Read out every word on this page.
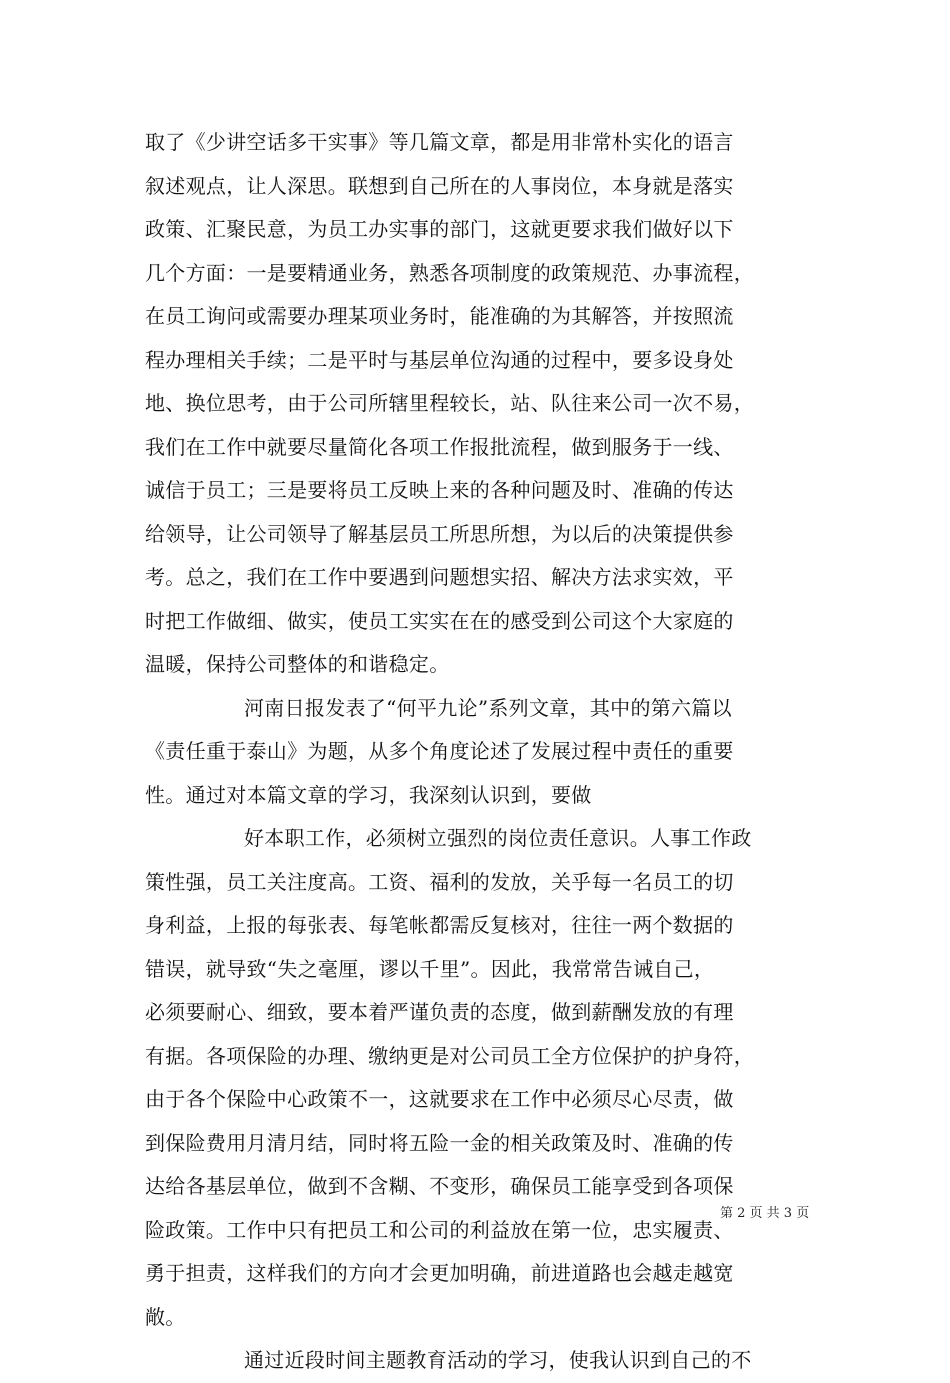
取了《少讲空话多干实事》等几篇文章，都是用非常朴实化的语言
叙述观点，让人深思。联想到自己所在的人事岗位，本身就是落实
政策、汇聚民意，为员工办实事的部门，这就更要求我们做好以下
几个方面：一是要精通业务，熟悉各项制度的政策规范、办事流程，
在员工询问或需要办理某项业务时，能准确的为其解答，并按照流
程办理相关手续；二是平时与基层单位沟通的过程中，要多设身处
地、换位思考，由于公司所辖里程较长，站、队往来公司一次不易，
我们在工作中就要尽量简化各项工作报批流程，做到服务于一线、
诚信于员工；三是要将员工反映上来的各种问题及时、准确的传达
给领导，让公司领导了解基层员工所思所想，为以后的决策提供参
考。总之，我们在工作中要遇到问题想实招、解决方法求实效，平
时把工作做细、做实，使员工实实在在的感受到公司这个大家庭的
温暖，保持公司整体的和谐稳定。
河南日报发表了“何平九论”系列文章，其中的第六篇以
《责任重于泰山》为题，从多个角度论述了发展过程中责任的重要
性。通过对本篇文章的学习，我深刻认识到，要做
好本职工作，必须树立强烈的岗位责任意识。人事工作政
策性强，员工关注度高。工资、福利的发放，关乎每一名员工的切
身利益，上报的每张表、每笔帐都需反复核对，往往一两个数据的
错误，就导致“失之毫厘，谬以千里”。因此，我常常告诫自己，
必须要耐心、细致，要本着严谨负责的态度，做到薪酬发放的有理
有据。各项保险的办理、缴纳更是对公司员工全方位保护的护身符，
由于各个保险中心政策不一，这就要求在工作中必须尽心尽责，做
到保险费用月清月结，同时将五险一金的相关政策及时、准确的传
达给各基层单位，做到不含糊、不变形，确保员工能享受到各项保
险政策。工作中只有把员工和公司的利益放在第一位，忠实履责、
勇于担责，这样我们的方向才会更加明确，前进道路也会越走越宽
敞。
通过近段时间主题教育活动的学习，使我认识到自己的不
第 2 页 共 3 页
